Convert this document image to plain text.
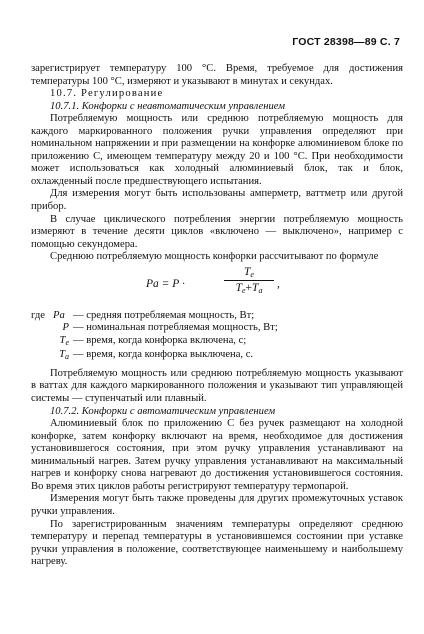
ГОСТ 28398—89 С. 7

зарегистрирует температуру 100 °С. Время, требуемое для достижения температуры 100 °С, измеряют и указывают в минутах и секундах.

10.7. Регулирование

10.7.1. Конфорки с неавтоматическим управлением

Потребляемую мощность или среднюю потребляемую мощность для каждого маркированного положения ручки управления определяют при номинальном напряжении и при размещении на конфорке алюминиевом блоке по приложению С, имеющем температуру между 20 и 100 °С. При необходимости может использоваться как холодный алюминиевый блок, так и блок, охлажденный после предшествующего испытания.

Для измерения могут быть использованы амперметр, ваттметр или другой прибор.

В случае циклического потребления энергии потребляемую мощность измеряют в течение десяти циклов «включено — выключено», например с помощью секундомера.

Среднюю потребляемую мощность конфорки рассчитывают по формуле

Pa = P ·	$\frac{T_e}{T_e+T_a}$ ,
где Pa — средняя потребляемая мощность, Вт;
P — номинальная потребляемая мощность, Вт;
$T_e$ — время, когда конфорка включена, с;
$T_a$ — время, когда конфорка выключена, с.

Потребляемую мощность или среднюю потребляемую мощность указывают в ваттах для каждого маркированного положения и указывают тип управляющей системы — ступенчатый или плавный.

10.7.2. Конфорки с автоматическим управлением

Алюминиевый блок по приложению С без ручек размещают на холодной конфорке, затем конфорку включают на время, необходимое для достижения установившегося состояния, при этом ручку управления устанавливают на минимальный нагрев. Затем ручку управления устанавливают на максимальный нагрев и конфорку снова нагревают до достижения установившегося состояния. Во время этих циклов работы регистрируют температуру термопарой.

Измерения могут быть также проведены для других промежуточных уставок ручки управления.

По зарегистрированным значениям температуры определяют среднюю температуру и перепад температуры в установившемся состоянии при уставке ручки управления в положение, соответствующее наименьшему и наибольшему нагреву.
